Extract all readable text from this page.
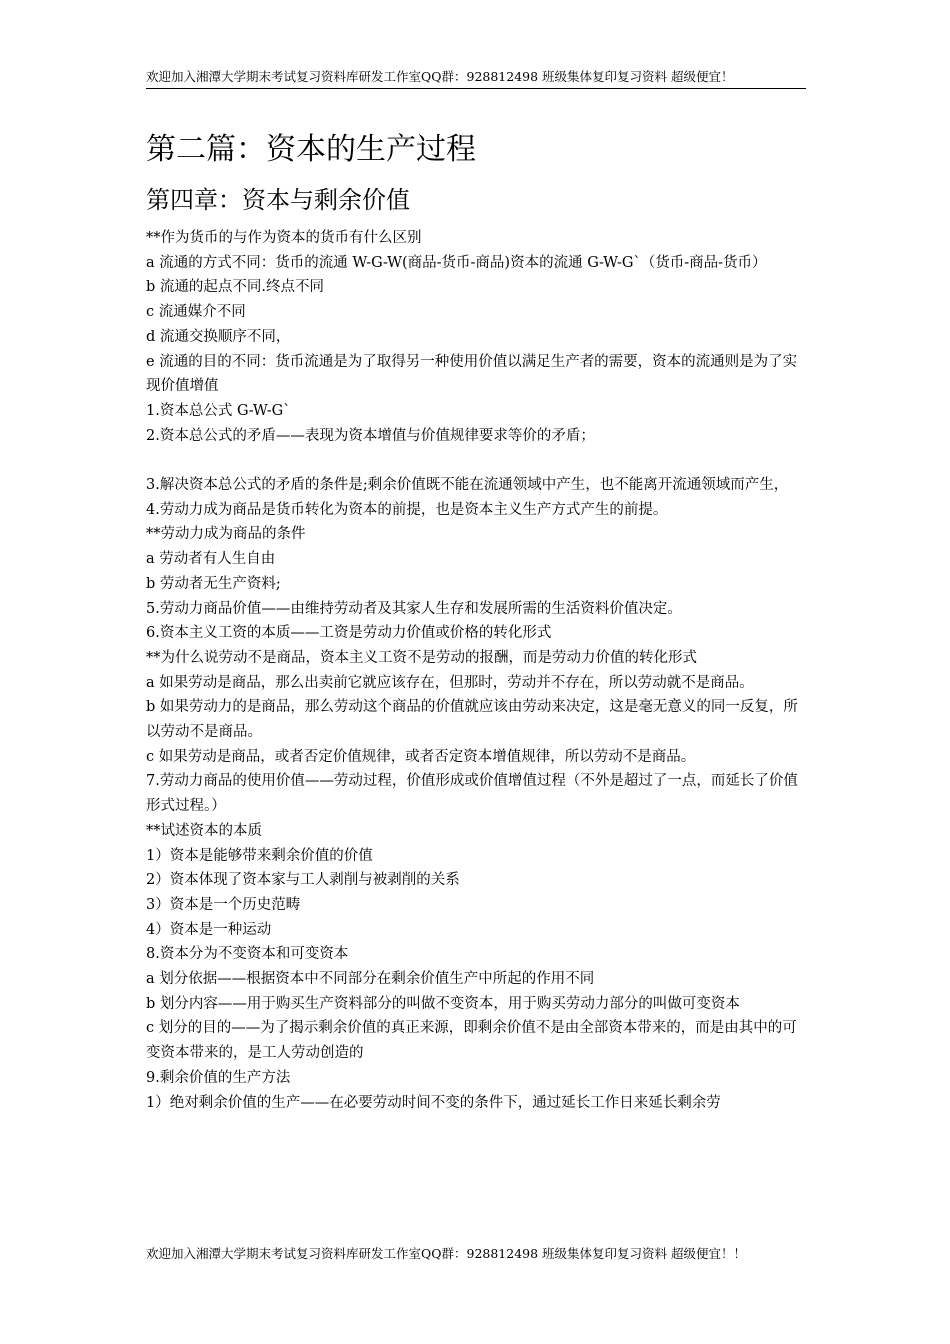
欢迎加入湘潭大学期末考试复习资料库研发工作室QQ群：928812498 班级集体复印复习资料 超级便宜！
第二篇：资本的生产过程
第四章：资本与剩余价值

**作为货币的与作为资本的货币有什么区别

a 流通的方式不同：货币的流通 W-G-W(商品-货币-商品)资本的流通 G-W-G`（货币-商品-货币）

b 流通的起点不同.终点不同

c 流通媒介不同

d 流通交换顺序不同，

e 流通的目的不同：货币流通是为了取得另一种使用价值以满足生产者的需要，资本的流通则是为了实现价值增值

1.资本总公式 G-W-G`

2.资本总公式的矛盾——表现为资本增值与价值规律要求等价的矛盾；

3.解决资本总公式的矛盾的条件是;剩余价值既不能在流通领域中产生，也不能离开流通领域而产生，

4.劳动力成为商品是货币转化为资本的前提，也是资本主义生产方式产生的前提。

**劳动力成为商品的条件

a 劳动者有人生自由

b 劳动者无生产资料;

5.劳动力商品价值——由维持劳动者及其家人生存和发展所需的生活资料价值决定。

6.资本主义工资的本质——工资是劳动力价值或价格的转化形式

**为什么说劳动不是商品，资本主义工资不是劳动的报酬，而是劳动力价值的转化形式

a 如果劳动是商品，那么出卖前它就应该存在，但那时，劳动并不存在，所以劳动就不是商品。

b 如果劳动力的是商品，那么劳动这个商品的价值就应该由劳动来决定，这是毫无意义的同一反复，所以劳动不是商品。

c 如果劳动是商品，或者否定价值规律，或者否定资本增值规律，所以劳动不是商品。

7.劳动力商品的使用价值——劳动过程，价值形成或价值增值过程（不外是超过了一点，而延长了价值形式过程。）

**试述资本的本质

1）资本是能够带来剩余价值的价值

2）资本体现了资本家与工人剥削与被剥削的关系

3）资本是一个历史范畴

4）资本是一种运动

8.资本分为不变资本和可变资本

a 划分依据——根据资本中不同部分在剩余价值生产中所起的作用不同

b 划分内容——用于购买生产资料部分的叫做不变资本，用于购买劳动力部分的叫做可变资本

c 划分的目的——为了揭示剩余价值的真正来源，即剩余价值不是由全部资本带来的，而是由其中的可变资本带来的，是工人劳动创造的

9.剩余价值的生产方法

1）绝对剩余价值的生产——在必要劳动时间不变的条件下，通过延长工作日来延长剩余劳

欢迎加入湘潭大学期末考试复习资料库研发工作室QQ群：928812498 班级集体复印复习资料 超级便宜！！
